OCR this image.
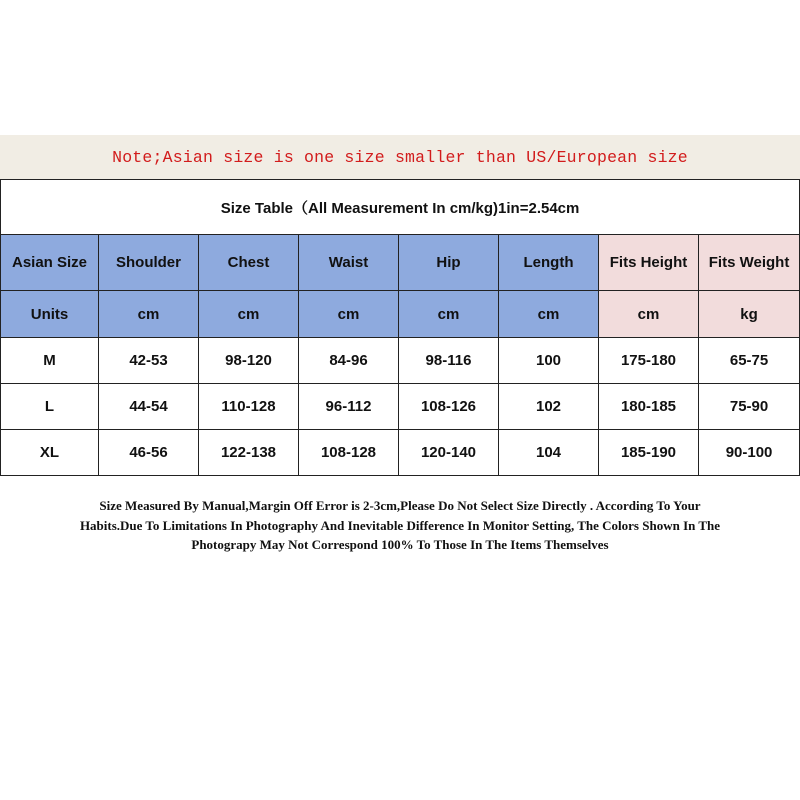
Note;Asian size is one size smaller than US/European size
Size Table（All Measurement In cm/kg)1in=2.54cm							
Asian Size	Shoulder	Chest	Waist	Hip	Length	Fits Height	Fits Weight
Units	cm	cm	cm	cm	cm	cm	kg
M	42-53	98-120	84-96	98-116	100	175-180	65-75
L	44-54	110-128	96-112	108-126	102	180-185	75-90
XL	46-56	122-138	108-128	120-140	104	185-190	90-100
Size Measured By Manual,Margin Off Error is 2-3cm,Please Do Not Select Size Directly . According To Your
Habits.Due To Limitations In Photography And Inevitable Difference In Monitor Setting, The Colors Shown In The
Photograpy May Not Correspond 100% To Those In The Items Themselves
